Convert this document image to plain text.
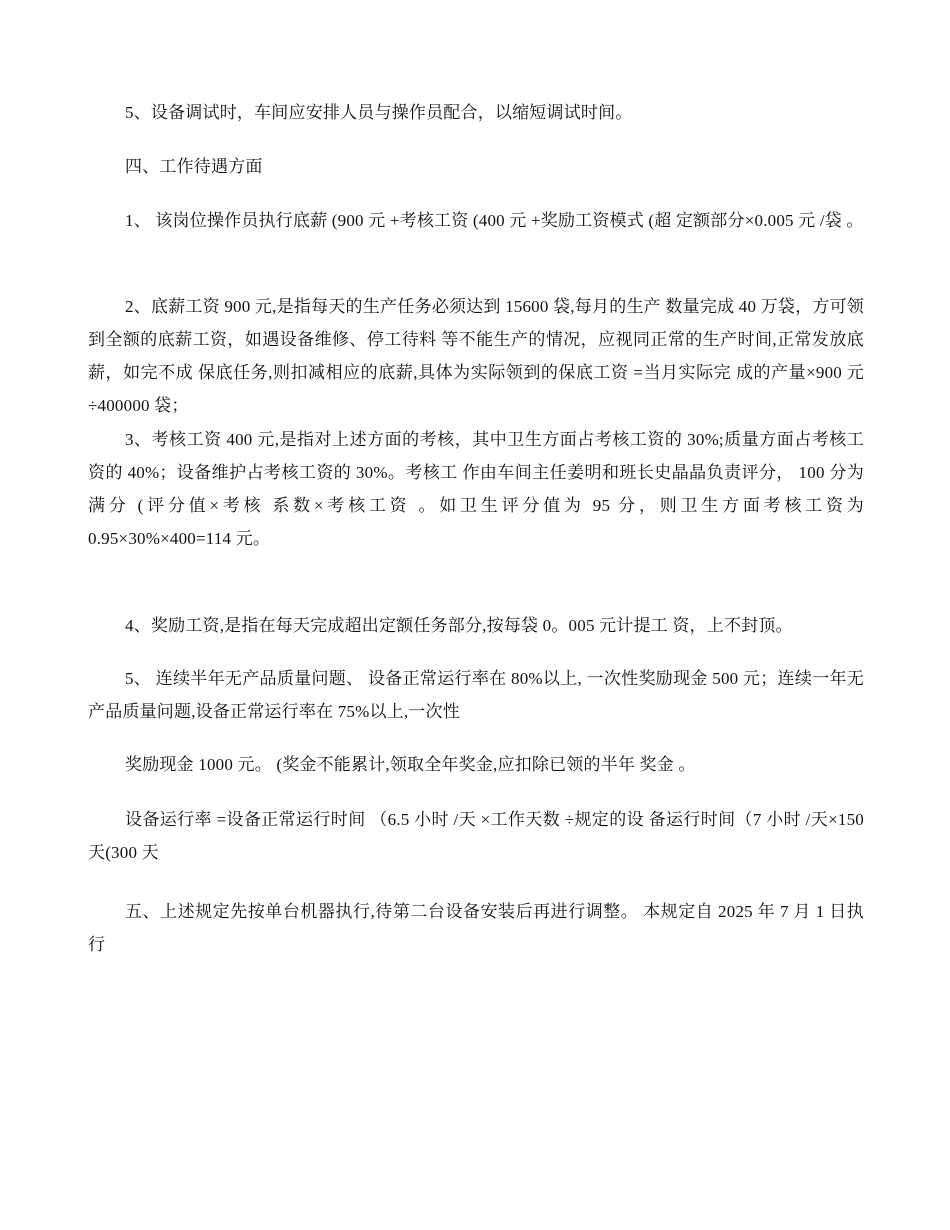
5、设备调试时，车间应安排人员与操作员配合，以缩短调试时间。

四、工作待遇方面

1、 该岗位操作员执行底薪 (900 元 +考核工资 (400 元 +奖励工资模式 (超 定额部分×0.005 元 /袋 。

2、底薪工资 900 元,是指每天的生产任务必须达到 15600 袋,每月的生产 数量完成 40 万袋，方可领到全额的底薪工资，如遇设备维修、停工待料 等不能生产的情况，应视同正常的生产时间,正常发放底薪，如完不成 保底任务,则扣减相应的底薪,具体为实际领到的保底工资 =当月实际完 成的产量×900 元÷400000 袋；

3、考核工资 400 元,是指对上述方面的考核，其中卫生方面占考核工资的 30%;质量方面占考核工资的 40%；设备维护占考核工资的 30%。考核工 作由车间主任姜明和班长史晶晶负责评分， 100 分为满分 (评分值×考核 系数×考核工资 。如卫生评分值为 95 分，则卫生方面考核工资为 0.95×30%×400=114 元。

4、奖励工资,是指在每天完成超出定额任务部分,按每袋 0。005 元计提工 资，上不封顶。

5、 连续半年无产品质量问题、 设备正常运行率在 80%以上, 一次性奖励现金 500 元；连续一年无产品质量问题,设备正常运行率在 75%以上,一次性

奖励现金 1000 元。 (奖金不能累计,领取全年奖金,应扣除已领的半年 奖金 。

设备运行率 =设备正常运行时间 （6.5 小时 /天 ×工作天数 ÷规定的设 备运行时间（7 小时 /天×150 天(300 天

五、上述规定先按单台机器执行,待第二台设备安装后再进行调整。 本规定自 2025 年 7 月 1 日执行
